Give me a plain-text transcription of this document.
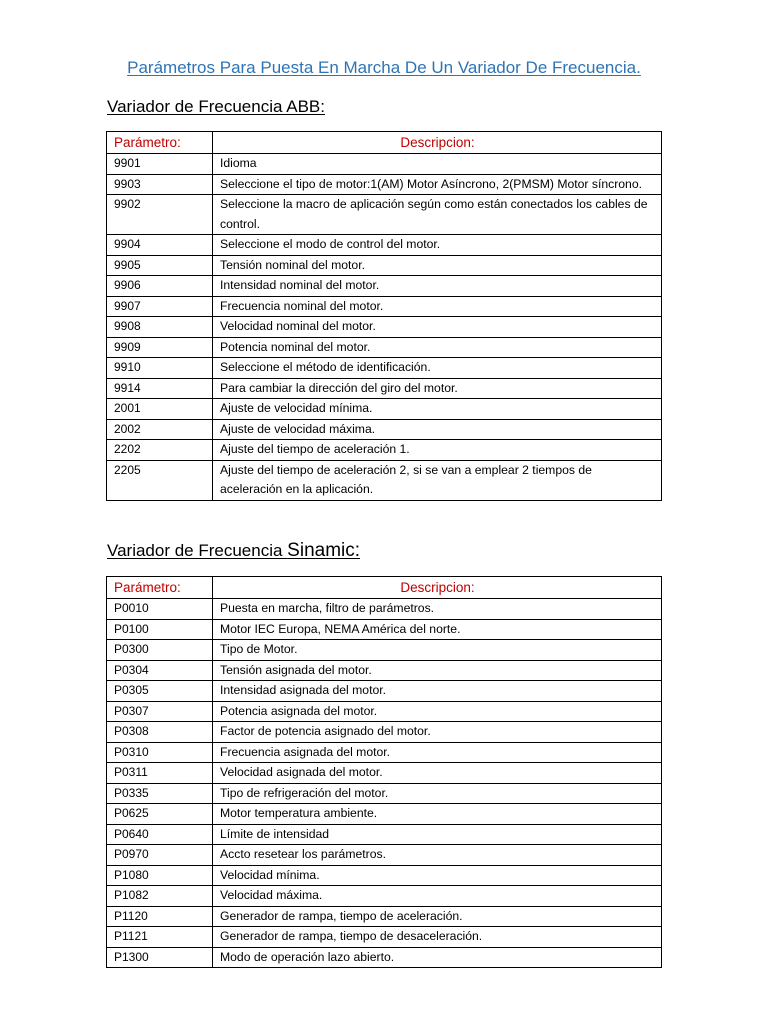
Parámetros Para Puesta En Marcha De Un Variador De Frecuencia.
Variador de Frecuencia ABB:
Parámetro:	Descripcion:
9901	Idioma
9903	Seleccione el tipo de motor:1(AM) Motor Asíncrono, 2(PMSM) Motor síncrono.
9902	Seleccione la macro de aplicación según como están conectados los cables de control.
9904	Seleccione el modo de control del motor.
9905	Tensión nominal del motor.
9906	Intensidad nominal del motor.
9907	Frecuencia nominal del motor.
9908	Velocidad nominal del motor.
9909	Potencia nominal del motor.
9910	Seleccione el método de identificación.
9914	Para cambiar la dirección del giro del motor.
2001	Ajuste de velocidad mínima.
2002	Ajuste de velocidad máxima.
2202	Ajuste del tiempo de aceleración 1.
2205	Ajuste del tiempo de aceleración 2, si se van a emplear 2 tiempos de aceleración en la aplicación.
Variador de Frecuencia Sinamic:
Parámetro:	Descripcion:
P0010	Puesta en marcha, filtro de parámetros.
P0100	Motor IEC Europa, NEMA América del norte.
P0300	Tipo de Motor.
P0304	Tensión asignada del motor.
P0305	Intensidad asignada del motor.
P0307	Potencia asignada del motor.
P0308	Factor de potencia asignado del motor.
P0310	Frecuencia asignada del motor.
P0311	Velocidad asignada del motor.
P0335	Tipo de refrigeración del motor.
P0625	Motor temperatura ambiente.
P0640	Límite de intensidad
P0970	Accto resetear los parámetros.
P1080	Velocidad mínima.
P1082	Velocidad máxima.
P1120	Generador de rampa, tiempo de aceleración.
P1121	Generador de rampa, tiempo de desaceleración.
P1300	Modo de operación lazo abierto.
